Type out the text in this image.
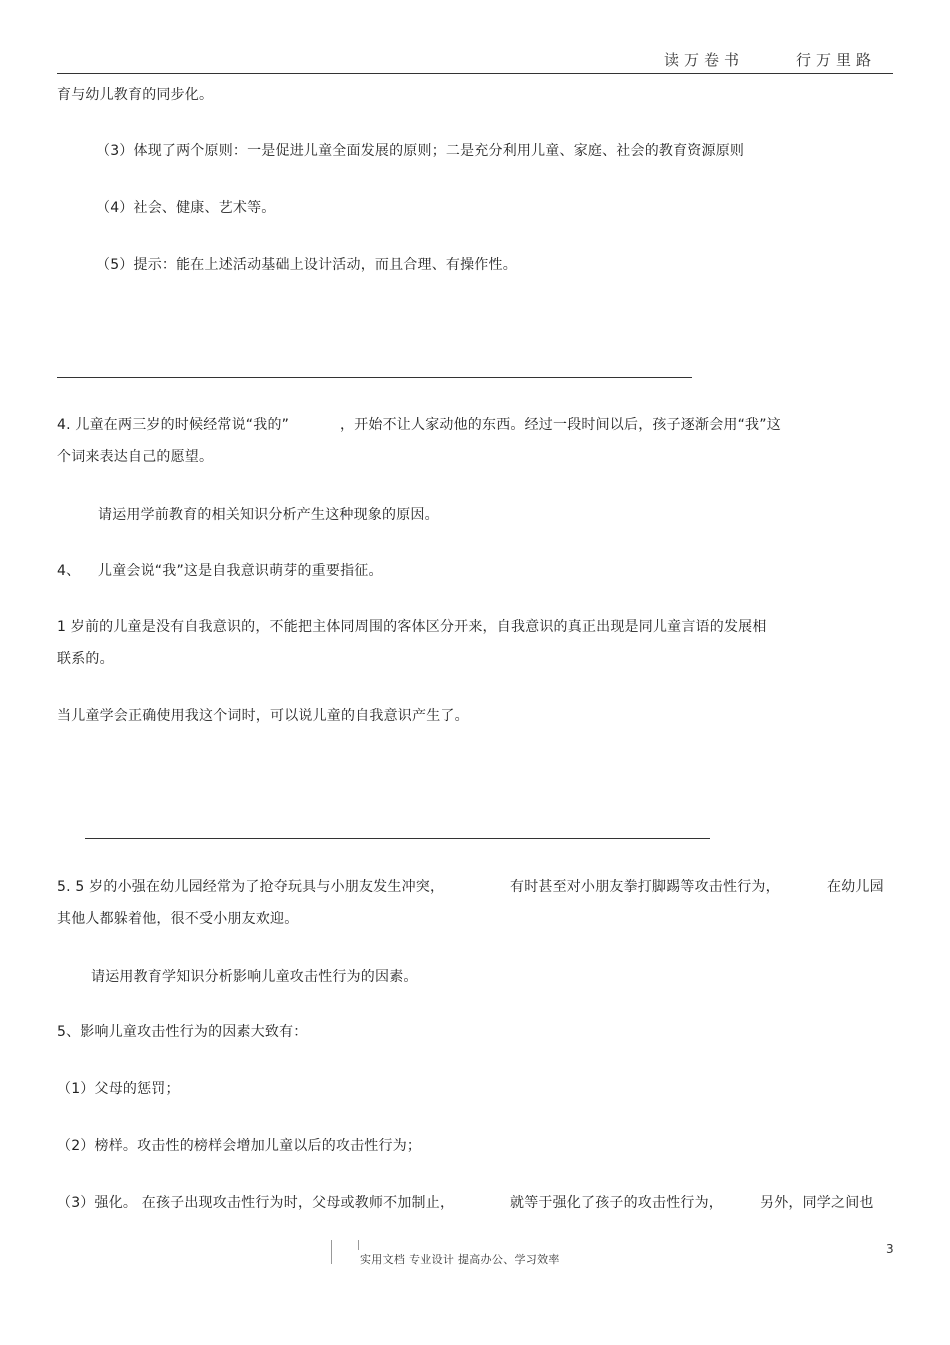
读万卷书	行万里路
育与幼儿教育的同步化。
（3）体现了两个原则：一是促进儿童全面发展的原则；二是充分利用儿童、家庭、社会的教育资源原则
（4）社会、健康、艺术等。
（5）提示：能在上述活动基础上设计活动，而且合理、有操作性。
4. 儿童在两三岁的时候经常说“我的”	，开始不让人家动他的东西。经过一段时间以后，孩子逐渐会用“我”这
个词来表达自己的愿望。
请运用学前教育的相关知识分析产生这种现象的原因。
4、 儿童会说“我”这是自我意识萌芽的重要指征。
1 岁前的儿童是没有自我意识的，不能把主体同周围的客体区分开来，自我意识的真正出现是同儿童言语的发展相
联系的。
当儿童学会正确使用我这个词时，可以说儿童的自我意识产生了。
5. 5 岁的小强在幼儿园经常为了抢夺玩具与小朋友发生冲突，	有时甚至对小朋友拳打脚踢等攻击性行为，	在幼儿园
其他人都躲着他，很不受小朋友欢迎。
请运用教育学知识分析影响儿童攻击性行为的因素。
5、影响儿童攻击性行为的因素大致有：
（1）父母的惩罚；
（2）榜样。攻击性的榜样会增加儿童以后的攻击性行为；
（3）强化。 在孩子出现攻击性行为时，父母或教师不加制止，	就等于强化了孩子的攻击性行为，	另外，同学之间也
实用文档 专业设计 提高办公、学习效率
3
